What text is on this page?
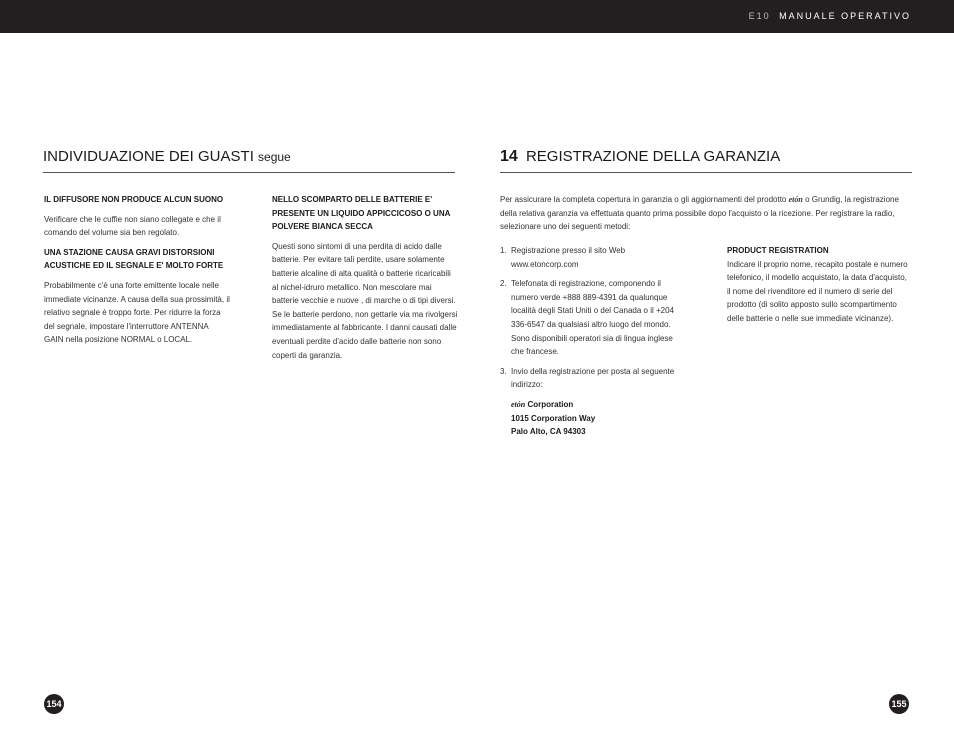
E10 MANUALE OPERATIVO
INDIVIDUAZIONE DEI GUASTI segue
IL DIFFUSORE NON PRODUCE ALCUN SUONO

Verificare che le cuffie non siano collegate e che il comando del volume sia ben regolato.

UNA STAZIONE CAUSA GRAVI DISTORSIONI ACUSTICHE ED IL SEGNALE E' MOLTO FORTE

Probabilmente c'è una forte emittente locale nelle immediate vicinanze. A causa della sua prossimità, il relativo segnale è troppo forte. Per ridurre la forza del segnale, impostare l'interruttore ANTENNA GAIN nella posizione NORMAL o LOCAL.

NELLO SCOMPARTO DELLE BATTERIE E' PRESENTE UN LIQUIDO APPICCICOSO O UNA POLVERE BIANCA SECCA

Questi sono sintomi di una perdita di acido dalle batterie. Per evitare tali perdite, usare solamente batterie alcaline di alta qualità o batterie ricaricabili al nichel-idruro metallico. Non mescolare mai batterie vecchie e nuove , di marche o di tipi diversi. Se le batterie perdono, non gettarle via ma rivolgersi immediatamente al fabbricante. I danni causati dalle eventuali perdite d'acido dalle batterie non sono coperti da garanzia.

154
14 REGISTRAZIONE DELLA GARANZIA

Per assicurare la completa copertura in garanzia o gli aggiornamenti del prodotto etón o Grundig, la registrazione della relativa garanzia va effettuata quanto prima possibile dopo l'acquisto o la ricezione. Per registrare la radio, selezionare uno dei seguenti metodi:

1. Registrazione presso il sito Web www.etoncorp.com
2. Telefonata di registrazione, componendo il numero verde +888 889-4391 da qualunque località degli Stati Uniti o del Canada o il +204 336-6547 da qualsiasi altro luogo del mondo. Sono disponibili operatori sia di lingua inglese che francese.
3. Invio della registrazione per posta al seguente indirizzo:
etón Corporation
1015 Corporation Way
Palo Alto, CA 94303
PRODUCT REGISTRATION

Indicare il proprio nome, recapito postale e numero telefonico, il modello acquistato, la data d'acquisto, il nome del rivenditore ed il numero di serie del prodotto (di solito apposto sullo scompartimento delle batterie o nelle sue immediate vicinanze).

155
